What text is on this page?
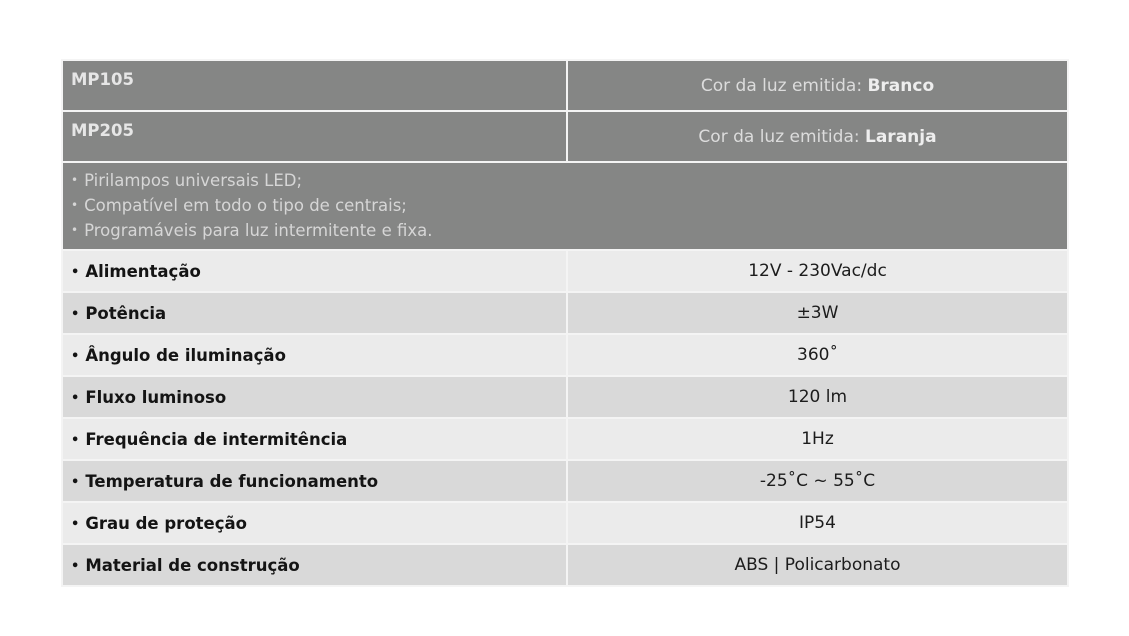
MP105	Cor da luz emitida: Branco
MP205	Cor da luz emitida: Laranja

• Pirilampos universais LED;
• Compatível em todo o tipo de centrais;
• Programáveis para luz intermitente e fixa.	

• Alimentação	12V - 230Vac/dc
• Potência	±3W
• Ângulo de iluminação	360˚
• Fluxo luminoso	120 lm
• Frequência de intermitência	1Hz
• Temperatura de funcionamento	-25˚C ~ 55˚C
• Grau de proteção	IP54
• Material de construção	ABS | Policarbonato
